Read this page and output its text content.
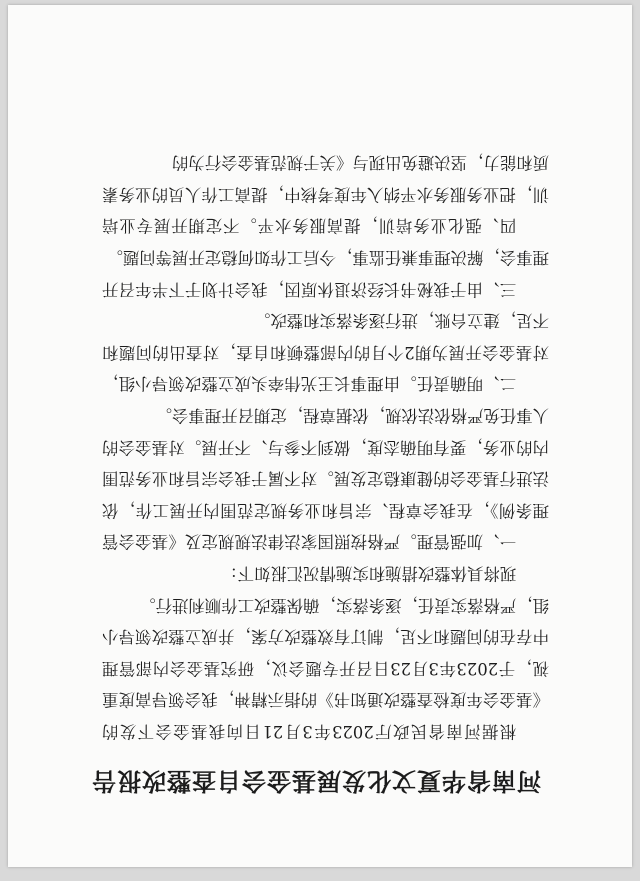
河南省华夏文化发展基金会自查整改报告

根据河南省民政厅2023年3月21日向我基金会下发的《基金会年度检查整改通知书》的指示精神，我会领导高度重视，于2023年3月23日召开专题会议，研究基金会内部管理中存在的问题和不足，制订有效整改方案，并成立整改领导小组，严格落实责任，逐条落实，确保整改工作顺利进行。

现将具体整改措施和实施情况汇报如下：

一、加强管理。严格按照国家法律法规规定及《基金会管理条例》，在我会章程、宗旨和业务规定范围内开展工作，依法进行基金会的健康稳定发展。对不属于我会宗旨和业务范围内的业务，要有明确态度，做到不参与、不开展。对基金会的人事任免严格依法依规，依据章程，定期召开理事会。

二、明确责任。由理事长王光伟牵头成立整改领导小组，对基金会开展为期2个月的内部整顿和自查，对查出的问题和不足，建立台账，进行逐条落实和整改。

三、由于我秘书长经济退休原因，我会计划于下半年召开理事会，解决理事兼任监事，今后工作如何稳定开展等问题。

四、强化业务培训，提高服务水平。不定期开展专业培训，把业务服务水平纳入年度考核中，提高工作人员的业务素质和能力，坚决避免出现与《关于规范基金会行为的
